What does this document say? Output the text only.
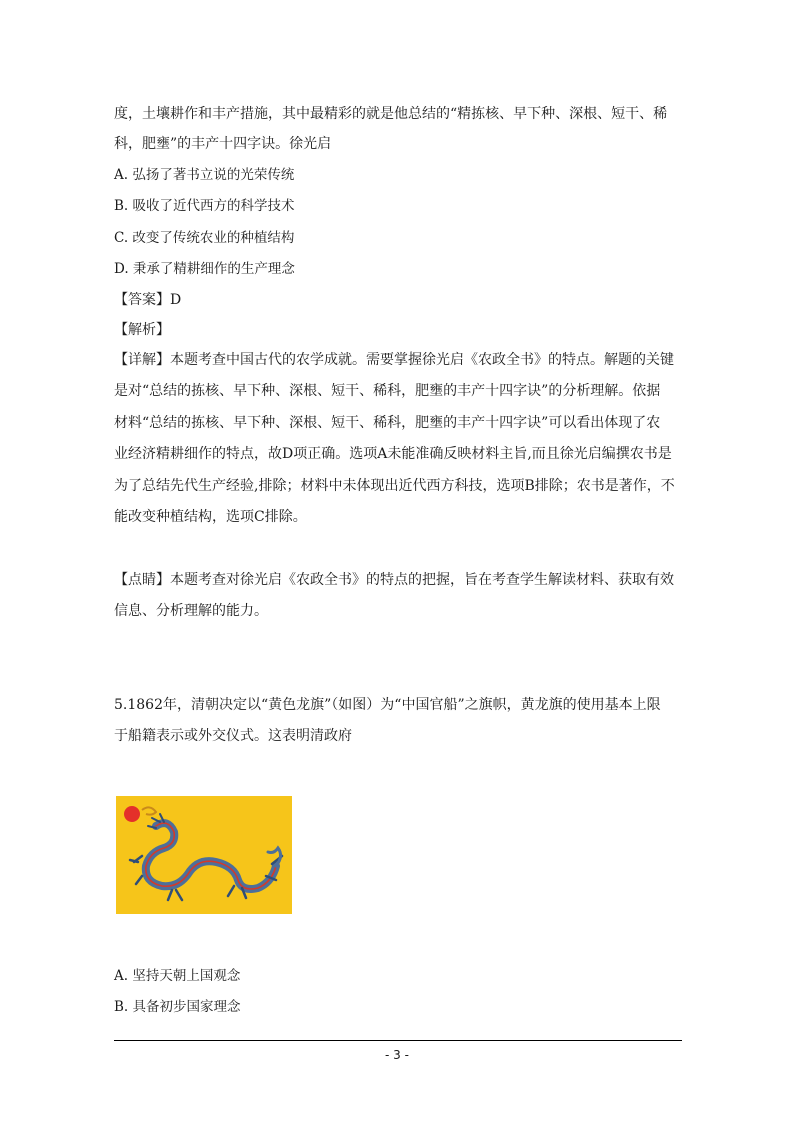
度，土壤耕作和丰产措施，其中最精彩的就是他总结的“精拣核、早下种、深根、短干、稀
科，肥壅”的丰产十四字诀。徐光启
A. 弘扬了著书立说的光荣传统
B. 吸收了近代西方的科学技术
C. 改变了传统农业的种植结构
D. 秉承了精耕细作的生产理念
【答案】D
【解析】
【详解】本题考查中国古代的农学成就。需要掌握徐光启《农政全书》的特点。解题的关键
是对“总结的拣核、早下种、深根、短干、稀科，肥壅的丰产十四字诀”的分析理解。依据
材料“总结的拣核、早下种、深根、短干、稀科，肥壅的丰产十四字诀”可以看出体现了农
业经济精耕细作的特点，故D项正确。选项A未能准确反映材料主旨,而且徐光启编撰农书是
为了总结先代生产经验,排除；材料中未体现出近代西方科技，选项B排除；农书是著作，不
能改变种植结构，选项C排除。
【点睛】本题考查对徐光启《农政全书》的特点的把握，旨在考查学生解读材料、获取有效
信息、分析理解的能力。
5.1862年，清朝决定以“黄色龙旗”（如图）为“中国官船”之旗帜，黄龙旗的使用基本上限
于船籍表示或外交仪式。这表明清政府
A. 坚持天朝上国观念
B. 具备初步国家理念
- 3 -
